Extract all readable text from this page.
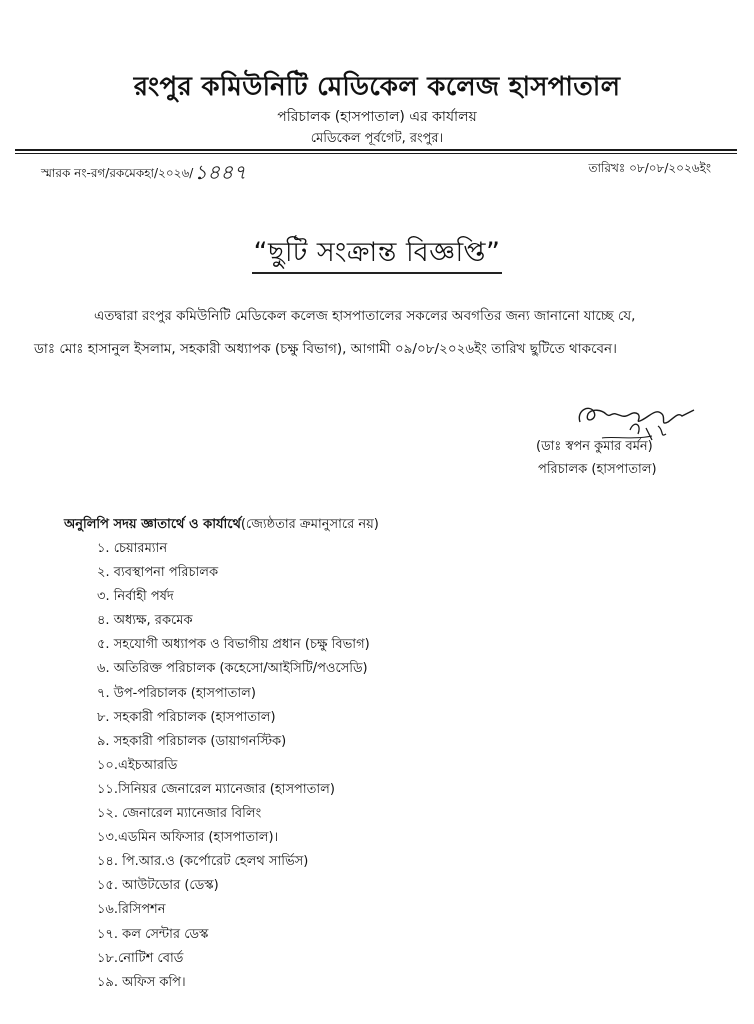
রংপুর কমিউনিটি মেডিকেল কলেজ হাসপাতাল
পরিচালক (হাসপাতাল) এর কার্যালয়
মেডিকেল পূর্বগেট, রংপুর।
স্মারক নং-রগ/রকমেকহা/২০২৬/১৪৪৭	তারিখঃ ০৮/০৮/২০২৬ইং
“ছুটি সংক্রান্ত বিজ্ঞপ্তি”

এতদ্বারা রংপুর কমিউনিটি মেডিকেল কলেজ হাসপাতালের সকলের অবগতির জন্য জানানো যাচ্ছে যে,

ডাঃ মোঃ হাসানুল ইসলাম, সহকারী অধ্যাপক (চক্ষু বিভাগ), আগামী ০৯/০৮/২০২৬ইং তারিখ ছুটিতে থাকবেন।

(ডাঃ স্বপন কুমার বর্মন)
পরিচালক (হাসপাতাল)
অনুলিপি সদয় জ্ঞাতার্থে ও কার্যার্থে(জ্যেষ্ঠতার ক্রমানুসারে নয়)
১. চেয়ারম্যান
২. ব্যবস্থাপনা পরিচালক
৩. নির্বাহী পর্ষদ
৪. অধ্যক্ষ, রকমেক
৫. সহযোগী অধ্যাপক ও বিভাগীয় প্রধান (চক্ষু বিভাগ)
৬. অতিরিক্ত পরিচালক (কহেসো/আইসিটি/পওসেডি)
৭. উপ-পরিচালক (হাসপাতাল)
৮. সহকারী পরিচালক (হাসপাতাল)
৯. সহকারী পরিচালক (ডায়াগনস্টিক)
১০.এইচআরডি
১১.সিনিয়র জেনারেল ম্যানেজার (হাসপাতাল)
১২. জেনারেল ম্যানেজার বিলিং
১৩.এডমিন অফিসার (হাসপাতাল)।
১৪. পি.আর.ও (কর্পোরেট হেলথ সার্ভিস)
১৫. আউটডোর (ডেস্ক)
১৬.রিসিপশন
১৭. কল সেন্টার ডেস্ক
১৮.নোটিশ বোর্ড
১৯. অফিস কপি।
